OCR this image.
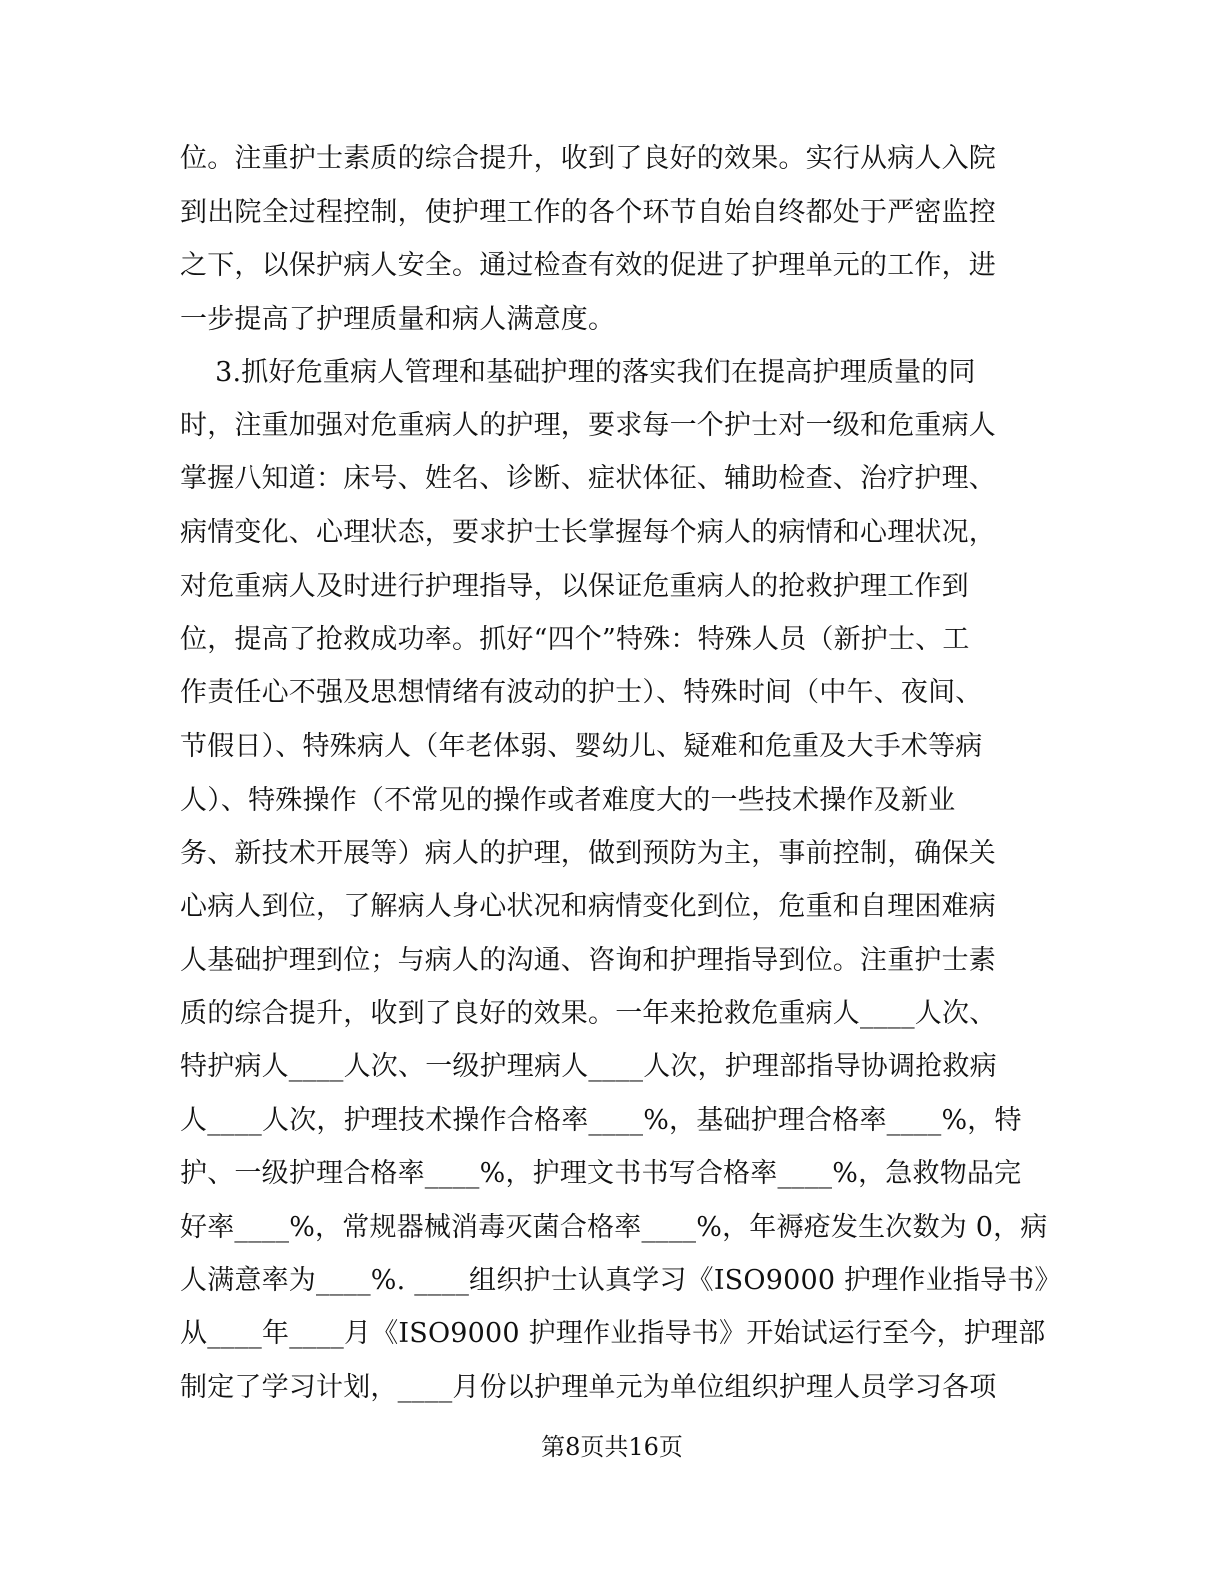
位。注重护士素质的综合提升，收到了良好的效果。实行从病人入院
到出院全过程控制，使护理工作的各个环节自始自终都处于严密监控
之下，以保护病人安全。通过检查有效的促进了护理单元的工作，进
一步提高了护理质量和病人满意度。
3.抓好危重病人管理和基础护理的落实我们在提高护理质量的同
时，注重加强对危重病人的护理，要求每一个护士对一级和危重病人
掌握八知道：床号、姓名、诊断、症状体征、辅助检查、治疗护理、
病情变化、心理状态，要求护士长掌握每个病人的病情和心理状况，
对危重病人及时进行护理指导，以保证危重病人的抢救护理工作到
位，提高了抢救成功率。抓好“四个”特殊：特殊人员（新护士、工
作责任心不强及思想情绪有波动的护士）、特殊时间（中午、夜间、
节假日）、特殊病人（年老体弱、婴幼儿、疑难和危重及大手术等病
人）、特殊操作（不常见的操作或者难度大的一些技术操作及新业
务、新技术开展等）病人的护理，做到预防为主，事前控制，确保关
心病人到位，了解病人身心状况和病情变化到位，危重和自理困难病
人基础护理到位；与病人的沟通、咨询和护理指导到位。注重护士素
质的综合提升，收到了良好的效果。一年来抢救危重病人____人次、
特护病人____人次、一级护理病人____人次，护理部指导协调抢救病
人____人次，护理技术操作合格率____%，基础护理合格率____%，特
护、一级护理合格率____%，护理文书书写合格率____%，急救物品完
好率____%，常规器械消毒灭菌合格率____%，年褥疮发生次数为 0，病
人满意率为____%. ____组织护士认真学习《ISO9000 护理作业指导书》
从____年____月《ISO9000 护理作业指导书》开始试运行至今，护理部
制定了学习计划，____月份以护理单元为单位组织护理人员学习各项
第8页共16页
